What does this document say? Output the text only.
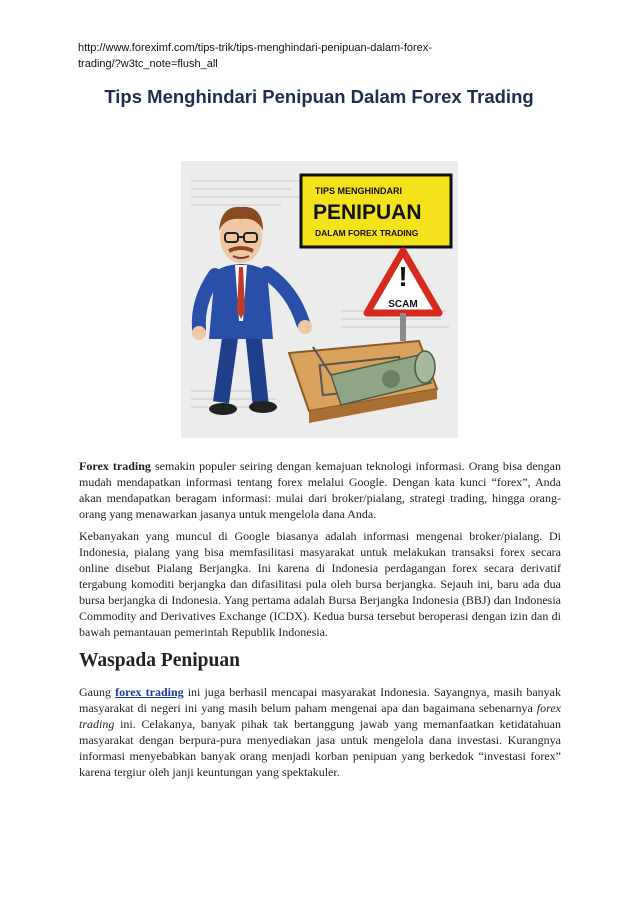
http://www.foreximf.com/tips-trik/tips-menghindari-penipuan-dalam-forex-
trading/?w3tc_note=flush_all
Tips Menghindari Penipuan Dalam Forex Trading
TIPS MENGHINDARI
PENIPUAN
DALAM FOREX TRADING
!
SCAM

Forex trading semakin populer seiring dengan kemajuan teknologi informasi. Orang bisa dengan mudah mendapatkan informasi tentang forex melalui Google. Dengan kata kunci “forex”, Anda akan mendapatkan beragam informasi: mulai dari broker/pialang, strategi trading, hingga orang-orang yang menawarkan jasanya untuk mengelola dana Anda.

Kebanyakan yang muncul di Google biasanya adalah informasi mengenai broker/pialang. Di Indonesia, pialang yang bisa memfasilitasi masyarakat untuk melakukan transaksi forex secara online disebut Pialang Berjangka. Ini karena di Indonesia perdagangan forex secara derivatif tergabung komoditi berjangka dan difasilitasi pula oleh bursa berjangka. Sejauh ini, baru ada dua bursa berjangka di Indonesia. Yang pertama adalah Bursa Berjangka Indonesia (BBJ) dan Indonesia Commodity and Derivatives Exchange (ICDX). Kedua bursa tersebut beroperasi dengan izin dan di bawah pemantauan pemerintah Republik Indonesia.

Waspada Penipuan

Gaung forex trading ini juga berhasil mencapai masyarakat Indonesia. Sayangnya, masih banyak masyarakat di negeri ini yang masih belum paham mengenai apa dan bagaimana sebenarnya forex trading ini. Celakanya, banyak pihak tak bertanggung jawab yang memanfaatkan ketidatahuan masyarakat dengan berpura-pura menyediakan jasa untuk mengelola dana investasi. Kurangnya informasi menyebabkan banyak orang menjadi korban penipuan yang berkedok “investasi forex” karena tergiur oleh janji keuntungan yang spektakuler.
